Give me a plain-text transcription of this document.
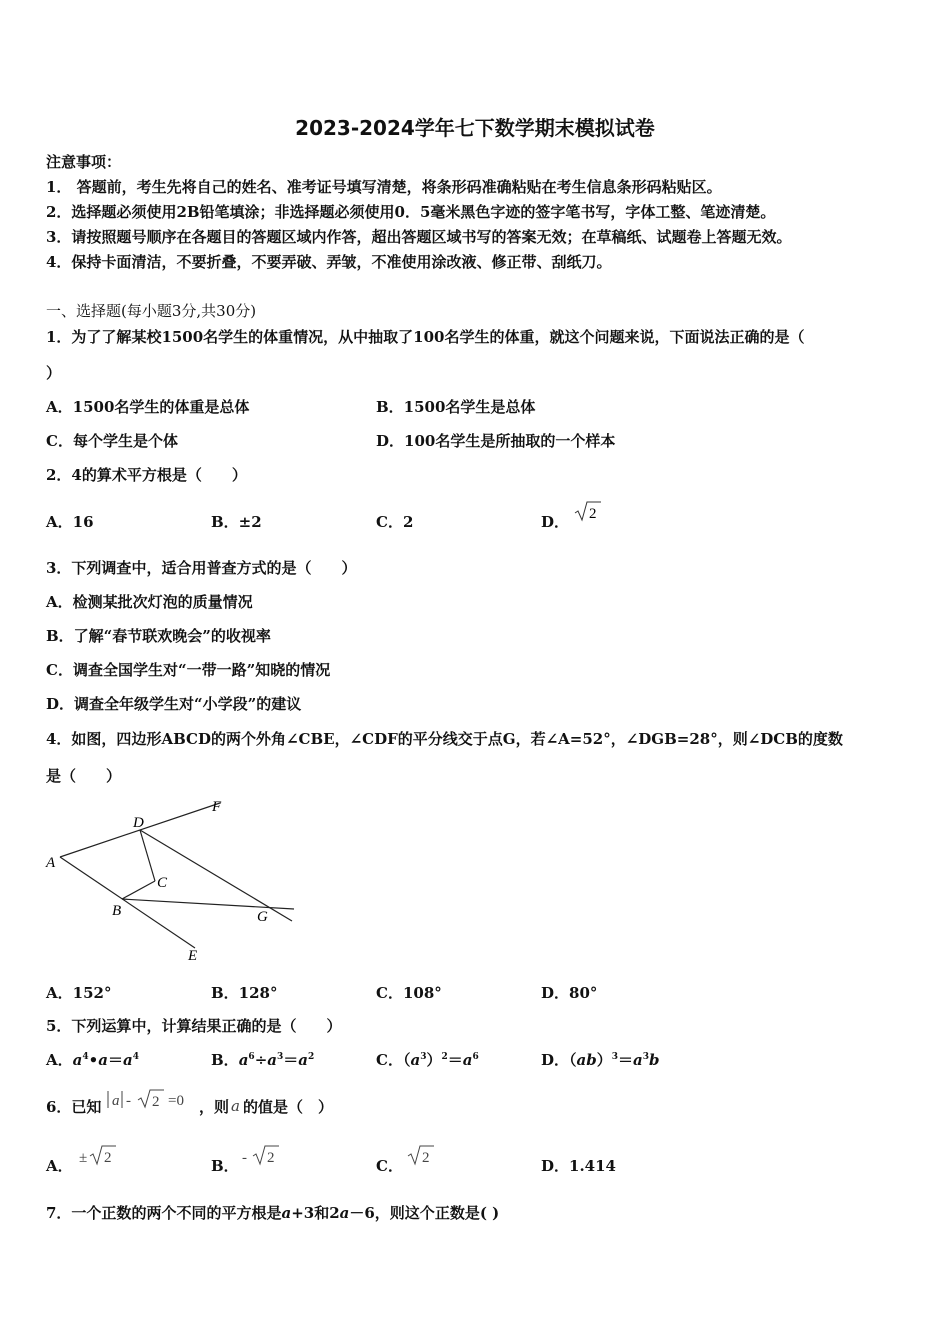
2023-2024学年七下数学期末模拟试卷
注意事项：
1． 答题前，考生先将自己的姓名、准考证号填写清楚，将条形码准确粘贴在考生信息条形码粘贴区。
2．选择题必须使用2B铅笔填涂；非选择题必须使用0．5毫米黑色字迹的签字笔书写，字体工整、笔迹清楚。
3．请按照题号顺序在各题目的答题区域内作答，超出答题区域书写的答案无效；在草稿纸、试题卷上答题无效。
4．保持卡面清洁，不要折叠，不要弄破、弄皱，不准使用涂改液、修正带、刮纸刀。
一、选择题(每小题3分,共30分)
1．为了了解某校1500名学生的体重情况，从中抽取了100名学生的体重，就这个问题来说，下面说法正确的是（
）
A．1500名学生的体重是总体	B．1500名学生是总体
C．每个学生是个体	D．100名学生是所抽取的一个样本
2．4的算术平方根是（　　）
A．16	B．±2	C．2	D． 2
3．下列调查中，适合用普查方式的是（　　）
A．检测某批次灯泡的质量情况
B．了解“春节联欢晚会”的收视率
C．调查全国学生对“一带一路”知晓的情况
D．调查全年级学生对“小学段”的建议
4．如图，四边形ABCD的两个外角∠CBE，∠CDF的平分线交于点G，若∠A=52°，∠DGB=28°，则∠DCB的度数
是（　　）
A
B
C
D
E
F
G
A．152°	B．128°	C．108°	D．80°
5．下列运算中，计算结果正确的是（　　）
A．$a^4•a=a^4$	B．$a^6\div a^3=a^2$	C．$(a^3)^2=a^6$	D．$(ab)^3=a^3b$
6．已知 a - 2 =0 ，则 a 的值是（　）
A． ± 2	B． - 2	C． 2	D．1.414
7．一个正数的两个不同的平方根是a+3和2a－6，则这个正数是( )
